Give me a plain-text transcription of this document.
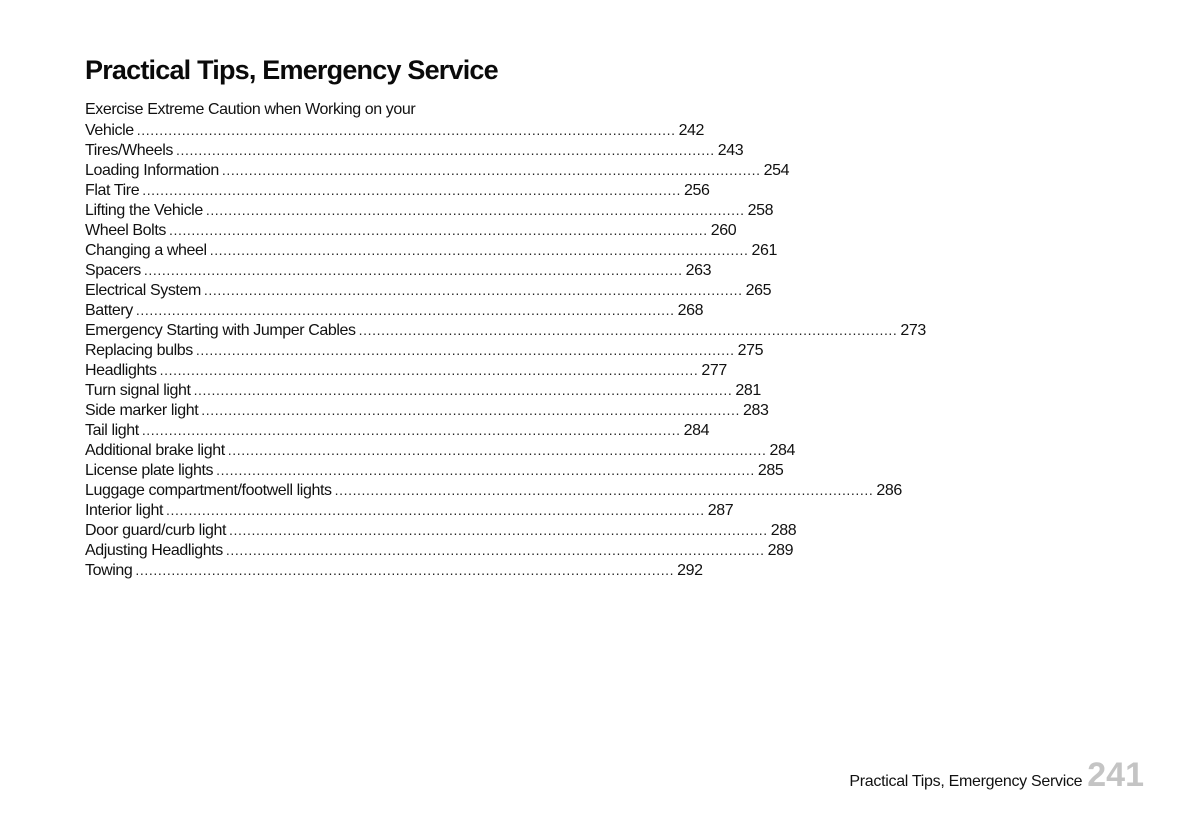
Practical Tips, Emergency Service
Exercise Extreme Caution when Working on your
Vehicle ........................................................................................................................ 242
Tires/Wheels ........................................................................................................................ 243
Loading Information ........................................................................................................................ 254
Flat Tire ........................................................................................................................ 256
Lifting the Vehicle ........................................................................................................................ 258
Wheel Bolts ........................................................................................................................ 260
Changing a wheel ........................................................................................................................ 261
Spacers ........................................................................................................................ 263
Electrical System ........................................................................................................................ 265
Battery ........................................................................................................................ 268
Emergency Starting with Jumper Cables ........................................................................................................................ 273
Replacing bulbs ........................................................................................................................ 275
Headlights ........................................................................................................................ 277
Turn signal light ........................................................................................................................ 281
Side marker light ........................................................................................................................ 283
Tail light ........................................................................................................................ 284
Additional brake light ........................................................................................................................ 284
License plate lights ........................................................................................................................ 285
Luggage compartment/footwell lights ........................................................................................................................ 286
Interior light ........................................................................................................................ 287
Door guard/curb light ........................................................................................................................ 288
Adjusting Headlights ........................................................................................................................ 289
Towing ........................................................................................................................ 292
Practical Tips, Emergency Service 241
